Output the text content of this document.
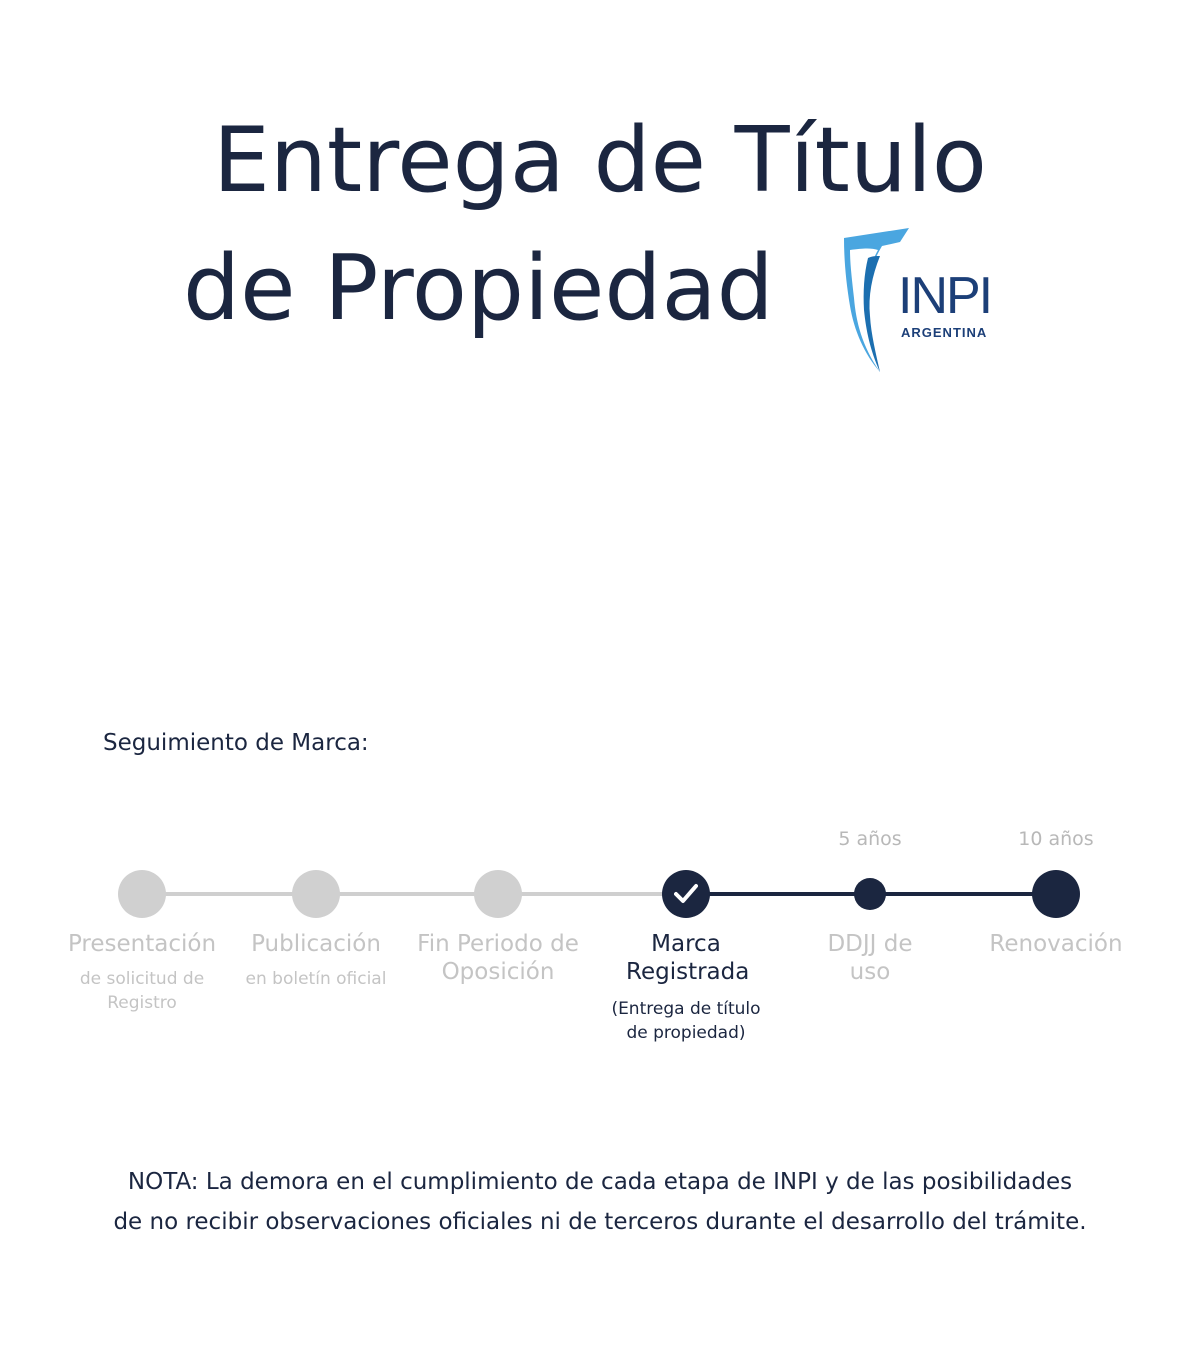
Entrega de Título
de Propiedad INPI
ARGENTINA
Seguimiento de Marca:
Presentación
de solicitud de Registro
Publicación
en boletín oficial
Fin Periodo de Oposición
Marca Registrada
(Entrega de título de propiedad)
5 años
DDJJ de uso
10 años
Renovación
NOTA: La demora en el cumplimiento de cada etapa de INPI y de las posibilidades
de no recibir observaciones oficiales ni de terceros durante el desarrollo del trámite.
